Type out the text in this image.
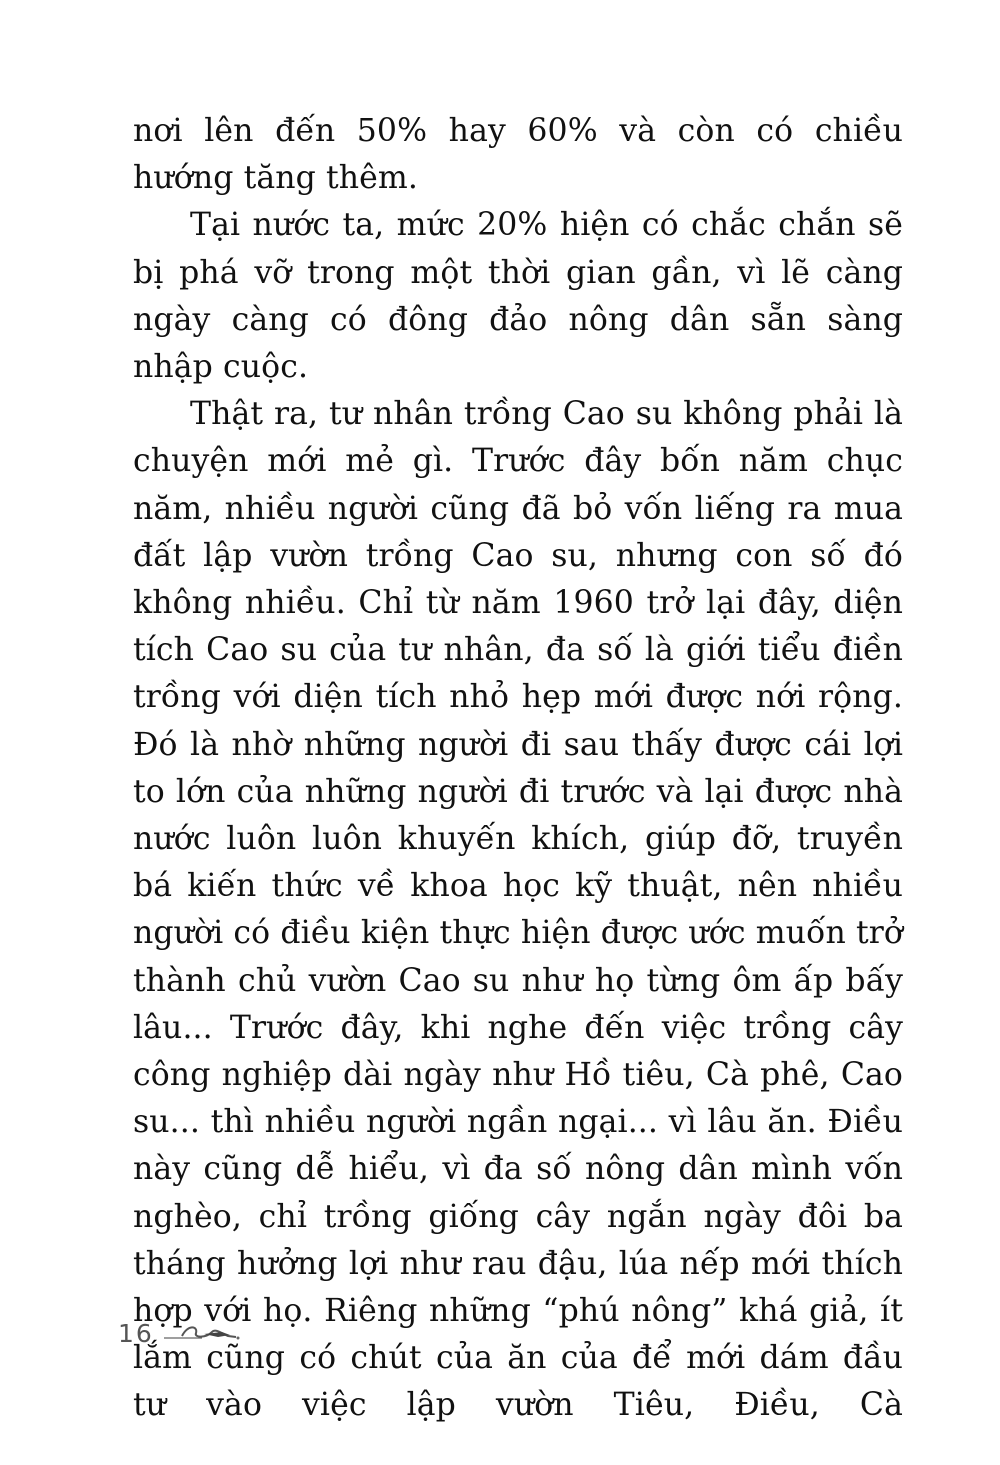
nơi lên đến 50% hay 60% và còn có chiều hướng tăng thêm.

Tại nước ta, mức 20% hiện có chắc chắn sẽ bị phá vỡ trong một thời gian gần, vì lẽ càng ngày càng có đông đảo nông dân sẵn sàng nhập cuộc.

Thật ra, tư nhân trồng Cao su không phải là chuyện mới mẻ gì. Trước đây bốn năm chục năm, nhiều người cũng đã bỏ vốn liếng ra mua đất lập vườn trồng Cao su, nhưng con số đó không nhiều. Chỉ từ năm 1960 trở lại đây, diện tích Cao su của tư nhân, đa số là giới tiểu điền trồng với diện tích nhỏ hẹp mới được nới rộng. Đó là nhờ những người đi sau thấy được cái lợi to lớn của những người đi trước và lại được nhà nước luôn luôn khuyến khích, giúp đỡ, truyền bá kiến thức về khoa học kỹ thuật, nên nhiều người có điều kiện thực hiện được ước muốn trở thành chủ vườn Cao su như họ từng ôm ấp bấy lâu... Trước đây, khi nghe đến việc trồng cây công nghiệp dài ngày như Hồ tiêu, Cà phê, Cao su... thì nhiều người ngần ngại... vì lâu ăn. Điều này cũng dễ hiểu, vì đa số nông dân mình vốn nghèo, chỉ trồng giống cây ngắn ngày đôi ba tháng hưởng lợi như rau đậu, lúa nếp mới thích hợp với họ. Riêng những “phú nông” khá giả, ít lắm cũng có chút của ăn của để mới dám đầu tư vào việc lập vườn Tiêu, Điều, Cà

16
